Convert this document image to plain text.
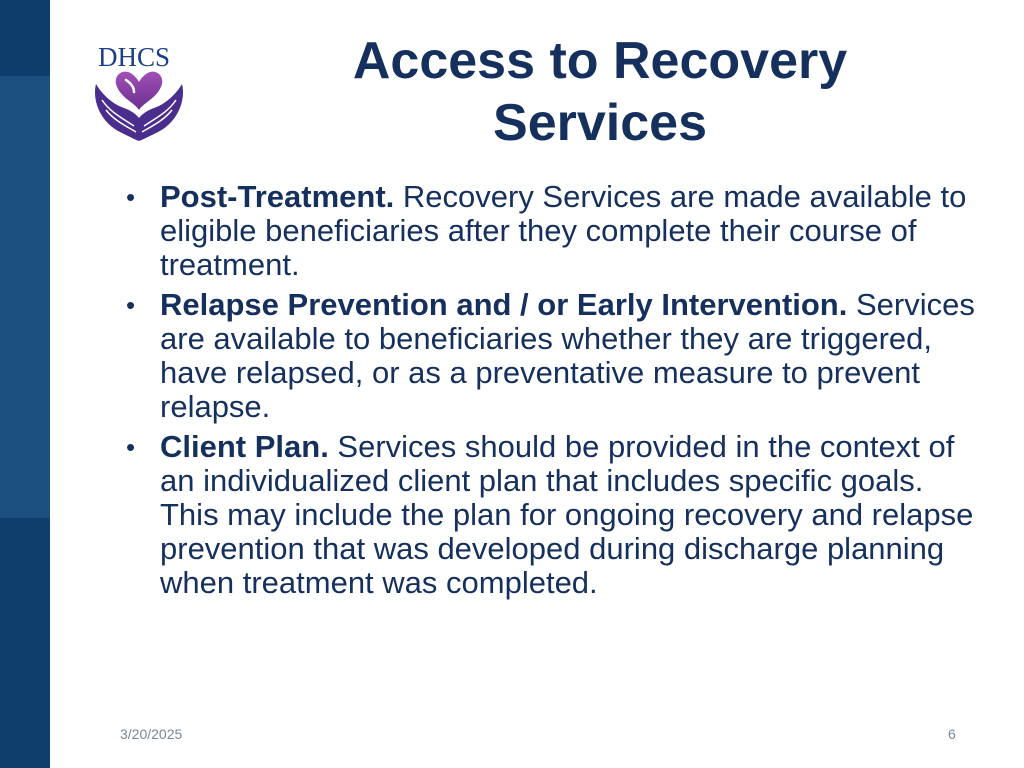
DHCS	Access to Recovery Services
• Post-Treatment. Recovery Services are made available to eligible beneficiaries after they complete their course of treatment.
• Relapse Prevention and / or Early Intervention. Services are available to beneficiaries whether they are triggered, have relapsed, or as a preventative measure to prevent relapse.
• Client Plan. Services should be provided in the context of an individualized client plan that includes specific goals. This may include the plan for ongoing recovery and relapse prevention that was developed during discharge planning when treatment was completed.
3/20/2025	6
